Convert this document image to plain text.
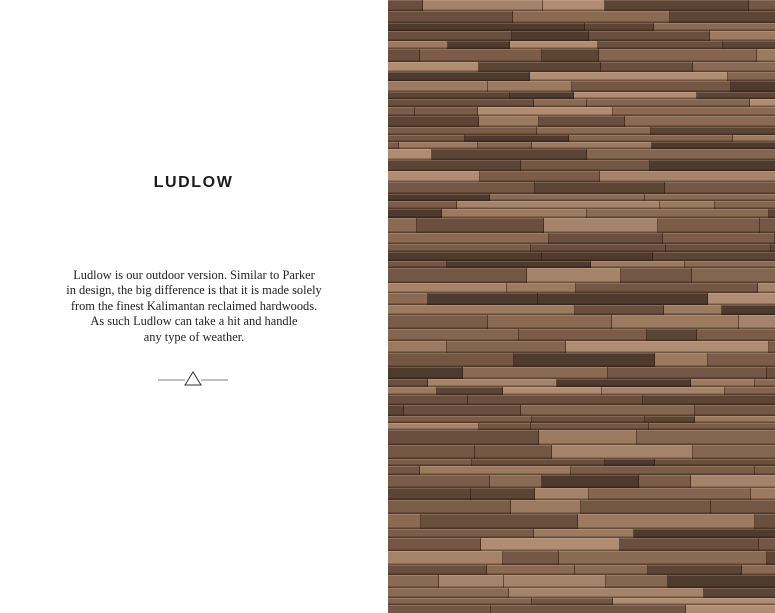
LUDLOW

Ludlow is our outdoor version. Similar to Parker
in design, the big difference is that it is made solely
from the finest Kalimantan reclaimed hardwoods.
As such Ludlow can take a hit and handle
any type of weather.
